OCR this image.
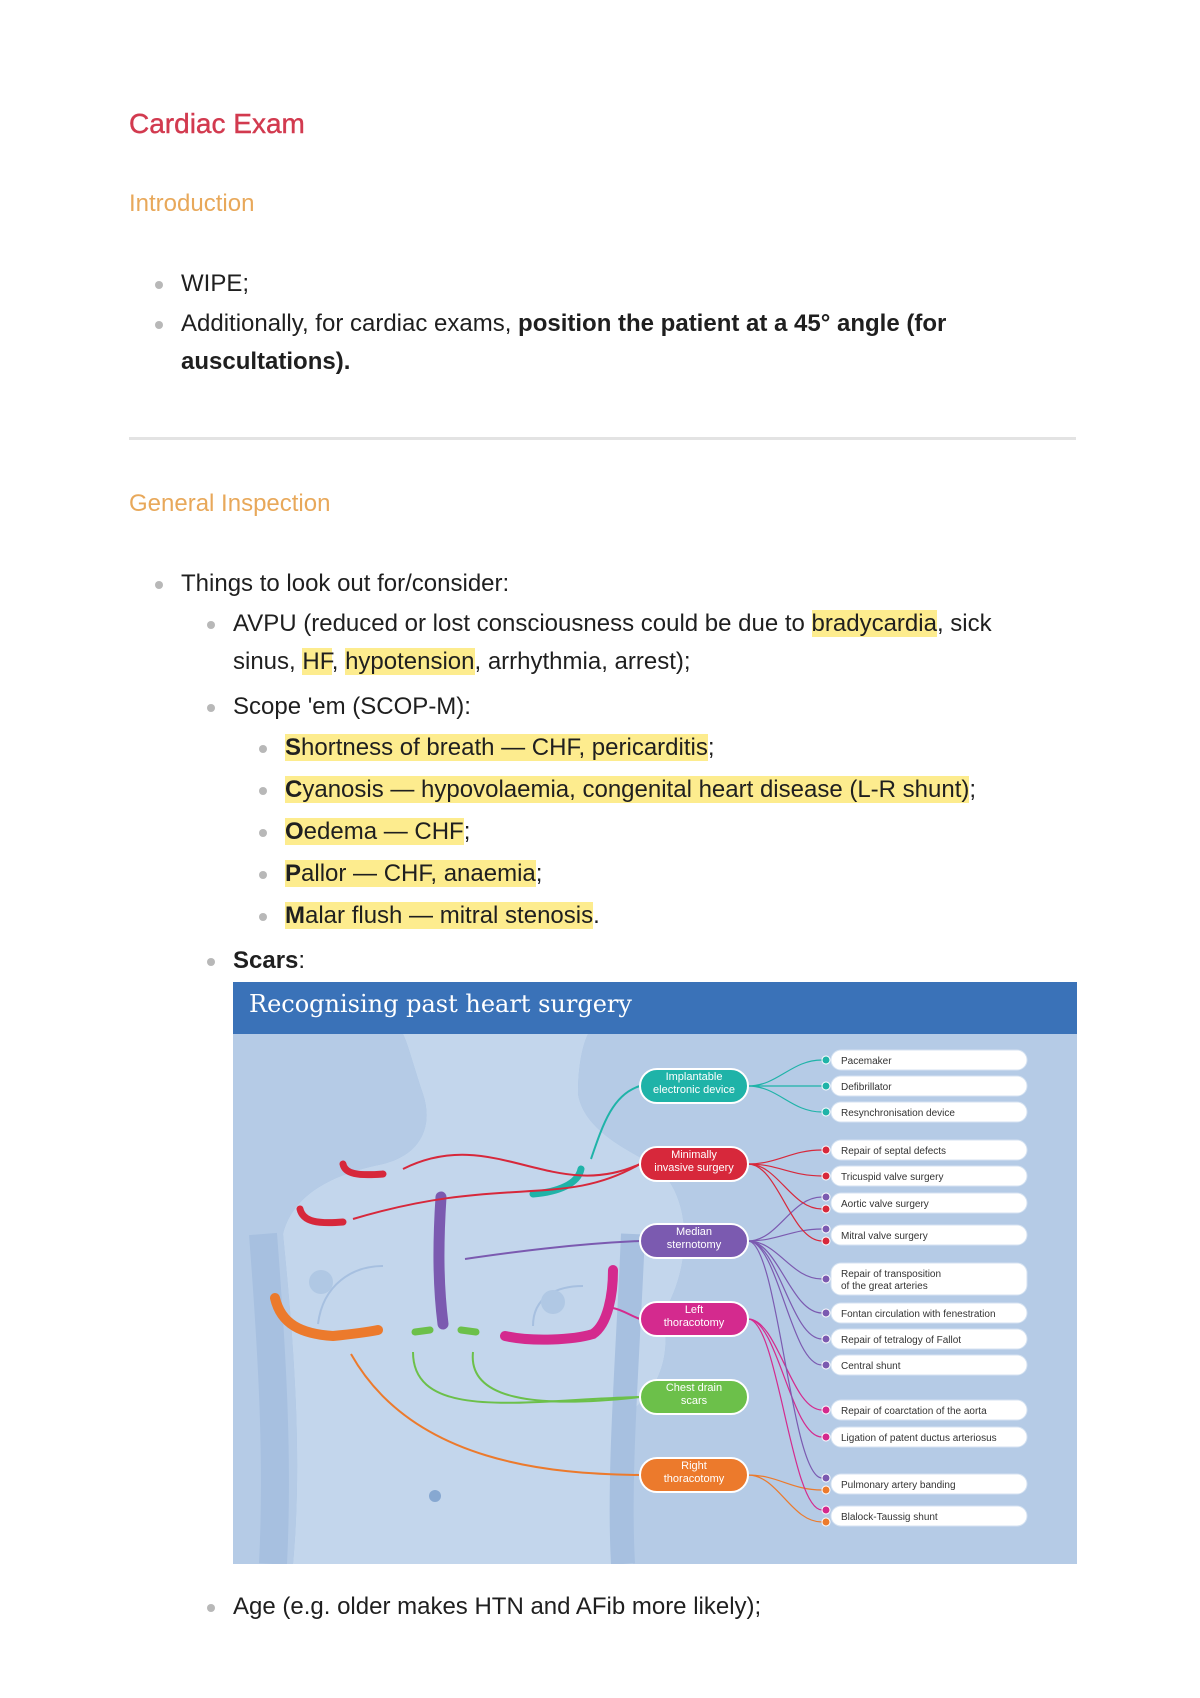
Cardiac Exam
Introduction
WIPE;
Additionally, for cardiac exams, position the patient at a 45° angle (for
auscultations).
General Inspection
Things to look out for/consider:
AVPU (reduced or lost consciousness could be due to bradycardia, sick
sinus, HF, hypotension, arrhythmia, arrest);
Scope 'em (SCOP-M):
Shortness of breath — CHF, pericarditis;
Cyanosis — hypovolaemia, congenital heart disease (L-R shunt);
Oedema — CHF;
Pallor — CHF, anaemia;
Malar flush — mitral stenosis.
Scars:
Recognising past heart surgery
Implantable
electronic device
Minimally
invasive surgery
Median
sternotomy
Left
thoracotomy
Chest drain
scars
Right
thoracotomy
Pacemaker
Defibrillator
Resynchronisation device
Repair of septal defects
Tricuspid valve surgery
Aortic valve surgery
Mitral valve surgery
Repair of transposition
of the great arteries
Fontan circulation with fenestration
Repair of tetralogy of Fallot
Central shunt
Repair of coarctation of the aorta
Ligation of patent ductus arteriosus
Pulmonary artery banding
Blalock-Taussig shunt
Age (e.g. older makes HTN and AFib more likely);
